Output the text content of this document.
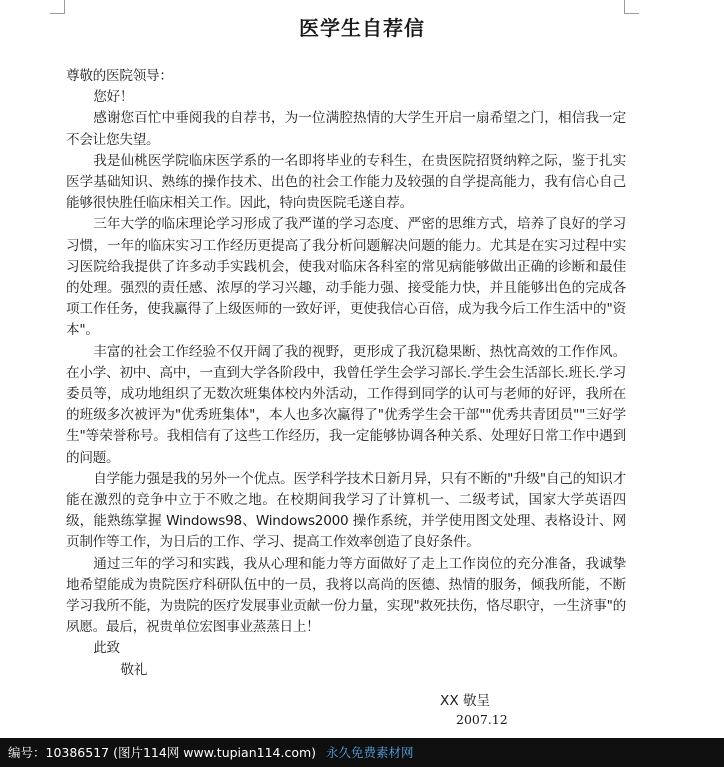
医学生自荐信

尊敬的医院领导：

您好！

感谢您百忙中垂阅我的自荐书，为一位满腔热情的大学生开启一扇希望之门，相信我一定不会让您失望。

我是仙桃医学院临床医学系的一名即将毕业的专科生，在贵医院招贤纳粹之际，鉴于扎实医学基础知识、熟练的操作技术、出色的社会工作能力及较强的自学提高能力，我有信心自己能够很快胜任临床相关工作。因此，特向贵医院毛遂自荐。

三年大学的临床理论学习形成了我严谨的学习态度、严密的思维方式，培养了良好的学习习惯，一年的临床实习工作经历更提高了我分析问题解决问题的能力。尤其是在实习过程中实习医院给我提供了许多动手实践机会，使我对临床各科室的常见病能够做出正确的诊断和最佳的处理。强烈的责任感、浓厚的学习兴趣，动手能力强、接受能力快，并且能够出色的完成各项工作任务，使我赢得了上级医师的一致好评，更使我信心百倍，成为我今后工作生活中的"资本"。

丰富的社会工作经验不仅开阔了我的视野，更形成了我沉稳果断、热忱高效的工作作风。在小学、初中、高中，一直到大学各阶段中，我曾任学生会学习部长.学生会生活部长.班长.学习委员等，成功地组织了无数次班集体校内外活动，工作得到同学的认可与老师的好评，我所在的班级多次被评为"优秀班集体"，本人也多次赢得了"优秀学生会干部""优秀共青团员""三好学生"等荣誉称号。我相信有了这些工作经历，我一定能够协调各种关系、处理好日常工作中遇到的问题。

自学能力强是我的另外一个优点。医学科学技术日新月异，只有不断的"升级"自己的知识才能在激烈的竞争中立于不败之地。在校期间我学习了计算机一、二级考试，国家大学英语四级，能熟练掌握 Windows98、Windows2000 操作系统，并学使用图文处理、表格设计、网页制作等工作，为日后的工作、学习、提高工作效率创造了良好条件。

通过三年的学习和实践，我从心理和能力等方面做好了走上工作岗位的充分准备，我诚挚地希望能成为贵院医疗科研队伍中的一员，我将以高尚的医德、热情的服务，倾我所能，不断学习我所不能，为贵院的医疗发展事业贡献一份力量，实现"救死扶伤，恪尽职守，一生济事"的夙愿。最后，祝贵单位宏图事业蒸蒸日上！

此致

敬礼

XX 敬呈
2007.12
编号：10386517 (图片114网 www.tupian114.com) 永久免费素材网
